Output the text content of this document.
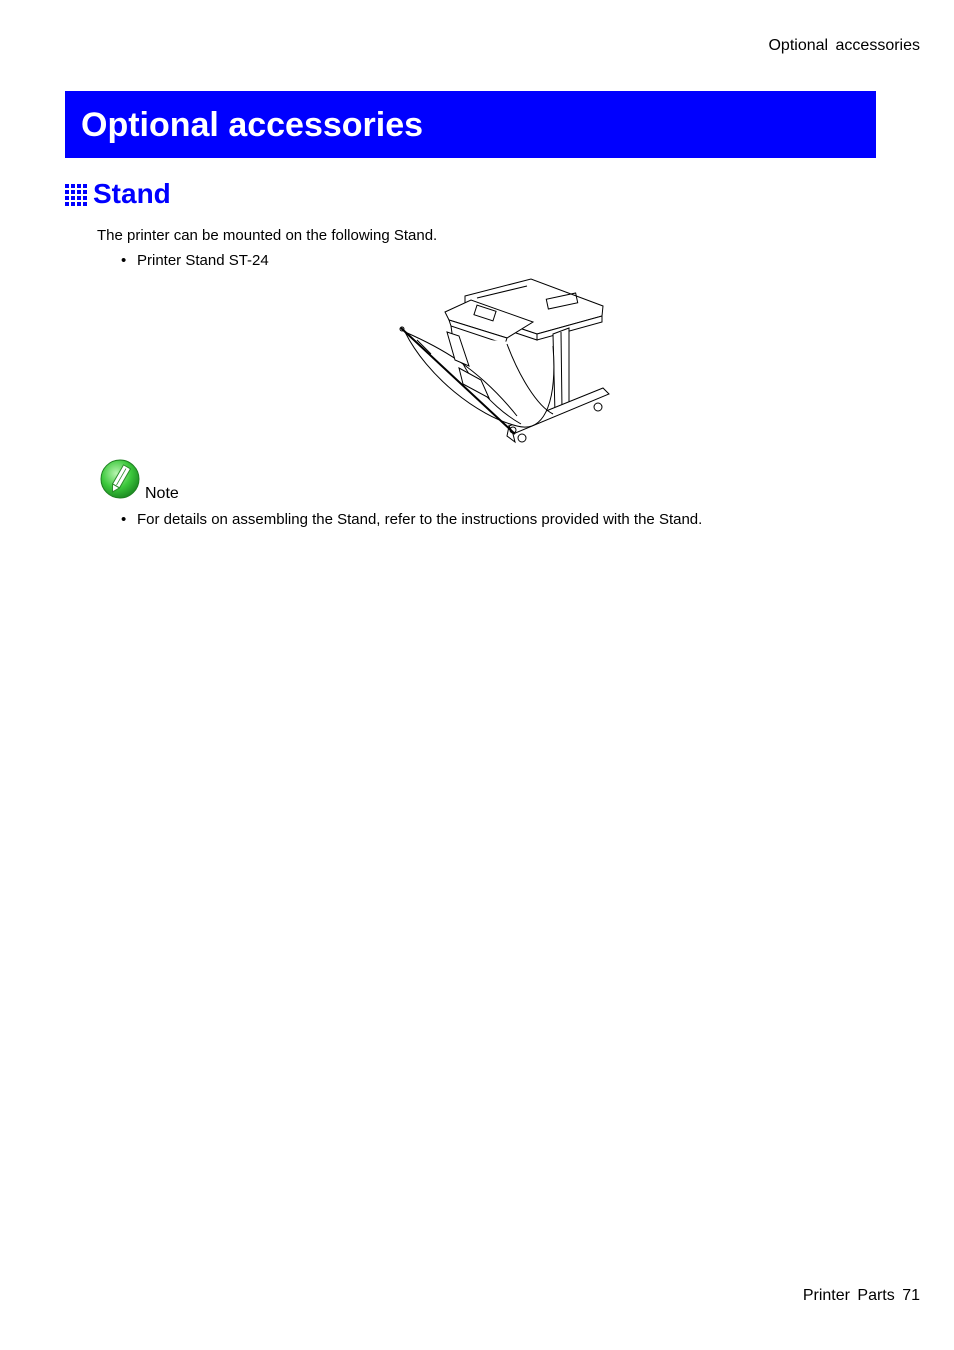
Optional accessories
Optional accessories
Stand
The printer can be mounted on the following Stand.
• Printer Stand ST-24
Note
• For details on assembling the Stand, refer to the instructions provided with the Stand.
Printer Parts 71
